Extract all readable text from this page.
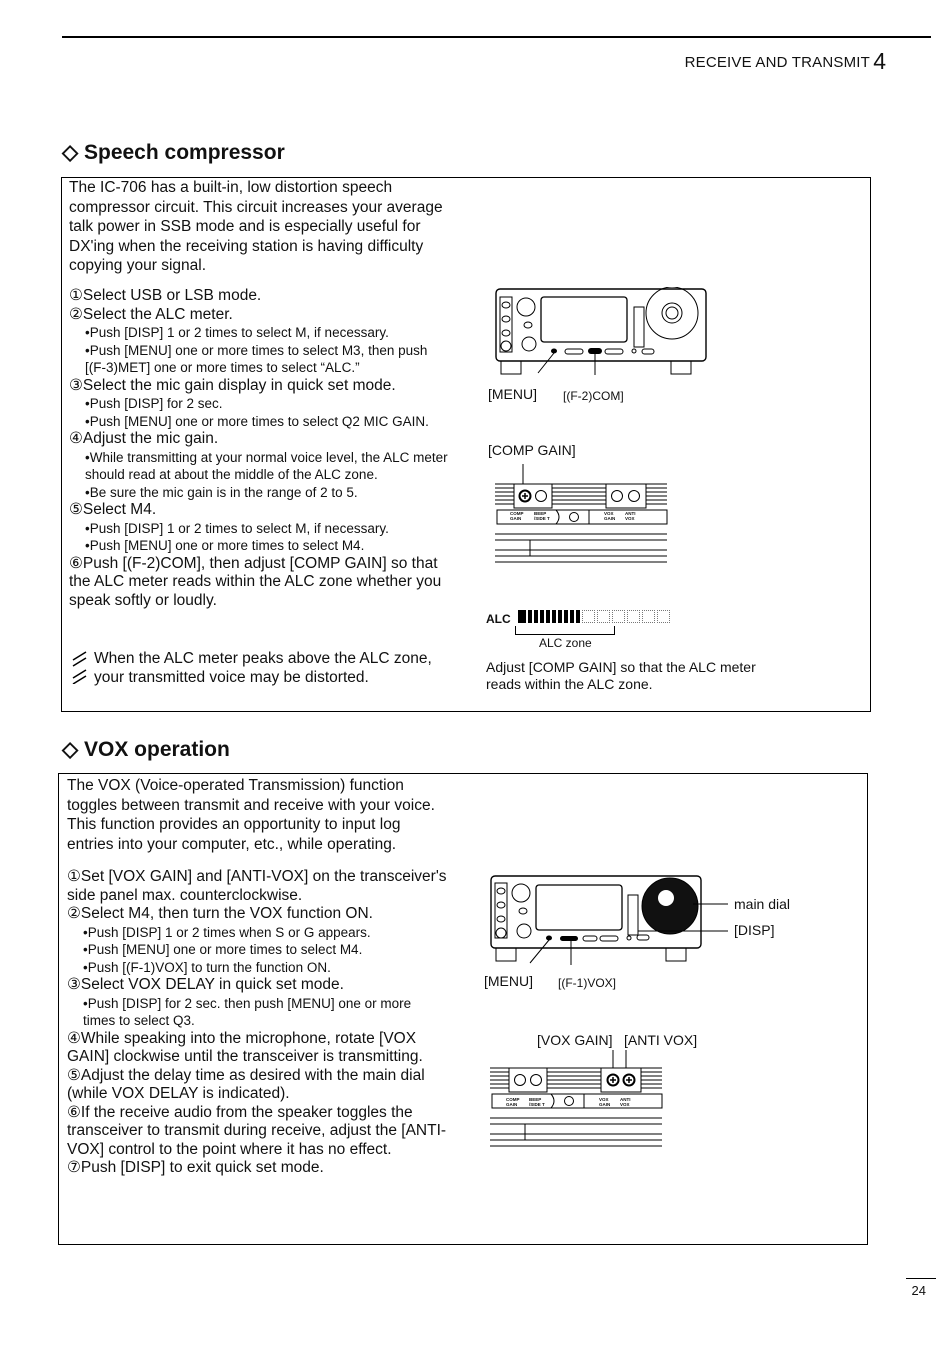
RECEIVE AND TRANSMIT 4
◇ Speech compressor
The IC-706 has a built-in, low distortion speech compressor circuit. This circuit increases your average talk power in SSB mode and is especially useful for DX'ing when the receiving station is having difficulty copying your signal.
①Select USB or LSB mode.
②Select the ALC meter.
•Push [DISP] 1 or 2 times to select M, if necessary.
•Push [MENU] one or more times to select M3, then push [(F-3)MET] one or more times to select “ALC.”
③Select the mic gain display in quick set mode.
•Push [DISP] for 2 sec.
•Push [MENU] one or more times to select Q2 MIC GAIN.
④Adjust the mic gain.
•While transmitting at your normal voice level, the ALC meter should read at about the middle of the ALC zone.
•Be sure the mic gain is in the range of 2 to 5.
⑤Select M4.
•Push [DISP] 1 or 2 times to select M, if necessary.
•Push [MENU] one or more times to select M4.
⑥Push [(F-2)COM], then adjust [COMP GAIN] so that the ALC meter reads within the ALC zone whether you speak softly or loudly.
When the ALC meter peaks above the ALC zone, your transmitted voice may be distorted.
[MENU] [(F-2)COM]
[COMP GAIN]
COMP GAIN
BEEP /SIDE T
VOX GAIN
ANTI VOX
ALC
ALC zone
Adjust [COMP GAIN] so that the ALC meter reads within the ALC zone.
◇ VOX operation
The VOX (Voice-operated Transmission) function toggles between transmit and receive with your voice. This function provides an opportunity to input log entries into your computer, etc., while operating.
①Set [VOX GAIN] and [ANTI-VOX] on the transceiver's side panel max. counterclockwise.
②Select M4, then turn the VOX function ON.
•Push [DISP] 1 or 2 times when S or G appears.
•Push [MENU] one or more times to select M4.
•Push [(F-1)VOX] to turn the function ON.
③Select VOX DELAY in quick set mode.
•Push [DISP] for 2 sec. then push [MENU] one or more times to select Q3.
④While speaking into the microphone, rotate [VOX GAIN] clockwise until the transceiver is transmitting.
⑤Adjust the delay time as desired with the main dial (while VOX DELAY is indicated).
⑥If the receive audio from the speaker toggles the transceiver to transmit during receive, adjust the [ANTI-VOX] control to the point where it has no effect.
⑦Push [DISP] to exit quick set mode.
main dial
[DISP]
[MENU] [(F-1)VOX]
[VOX GAIN] [ANTI VOX]
COMP GAIN
BEEP /SIDE T
VOX GAIN
ANTI VOX
24
